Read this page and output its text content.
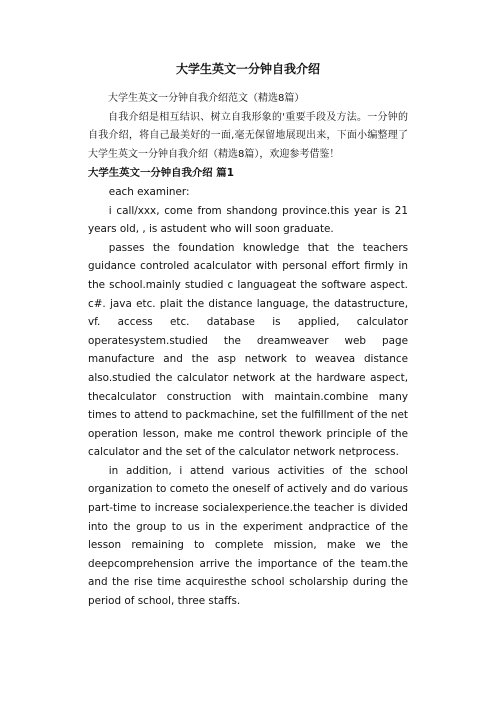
大学生英文一分钟自我介绍

大学生英文一分钟自我介绍范文（精选8篇）

自我介绍是相互结识、树立自我形象的'重要手段及方法。一分钟的自我介绍，将自己最美好的一面,毫无保留地展现出来，下面小编整理了大学生英文一分钟自我介绍（精选8篇），欢迎参考借鉴！

大学生英文一分钟自我介绍 篇1

each examiner:

i call/xxx, come from shandong province.this year is 21 years old, , is astudent who will soon graduate.

passes the foundation knowledge that the teachers guidance controled acalculator with personal effort firmly in the school.mainly studied c languageat the software aspect. c#. java etc. plait the distance language, the datastructure, vf. access etc. database is applied, calculator operatesystem.studied the dreamweaver web page manufacture and the asp network to weavea distance also.studied the calculator network at the hardware aspect, thecalculator construction with maintain.combine many times to attend to packmachine, set the fulfillment of the net operation lesson, make me control thework principle of the calculator and the set of the calculator network netprocess.

in addition, i attend various activities of the school organization to cometo the oneself of actively and do various part-time to increase socialexperience.the teacher is divided into the group to us in the experiment andpractice of the lesson remaining to complete mission, make we the deepcomprehension arrive the importance of the team.the and the rise time acquiresthe school scholarship during the period of school, three staffs.
